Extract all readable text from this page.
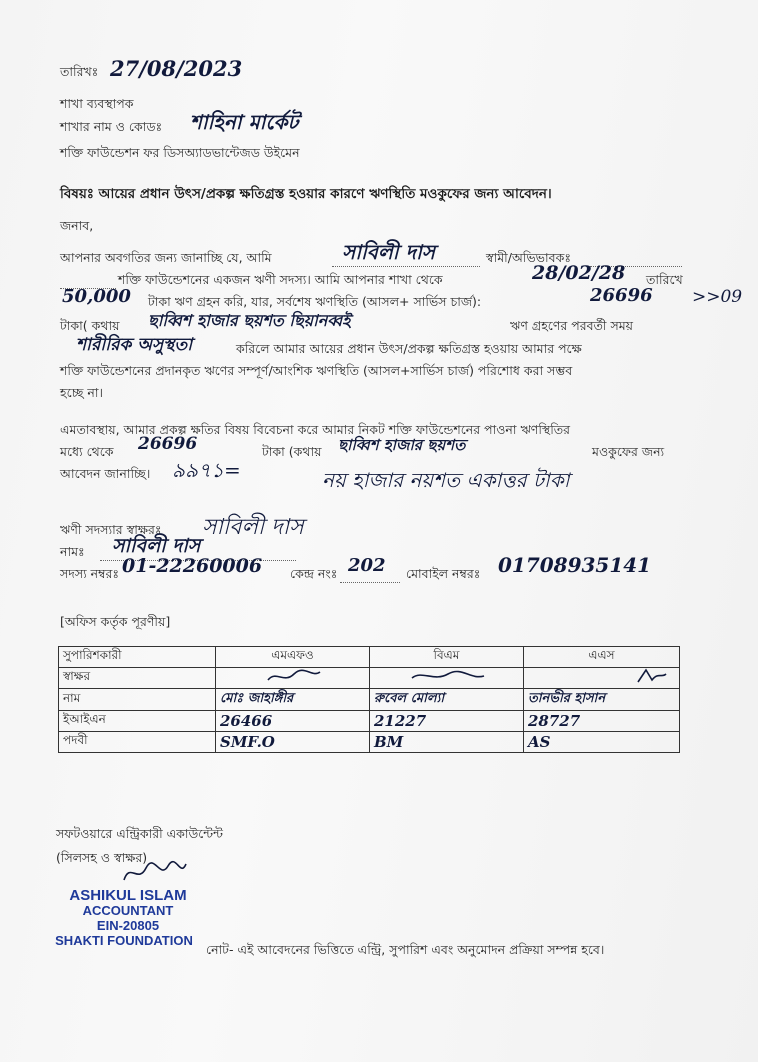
তারিখঃ 27/08/2023
শাখা ব্যবস্থাপক
শাখার নাম ও কোডঃ শাহিনা মার্কেট
শক্তি ফাউন্ডেশন ফর ডিসঅ্যাডভান্টেজড উইমেন
বিষয়ঃ আয়ের প্রধান উৎস/প্রকল্প ক্ষতিগ্রস্ত হওয়ার কারণে ঋণস্থিতি মওকুফের জন্য আবেদন।
জনাব,
আপনার অবগতির জন্য জানাচ্ছি যে, আমি
	সাবিলী দাস	স্বামী/অভিভাবকঃ

শক্তি ফাউন্ডেশনের একজন ঋণী সদস্য। আমি আপনার শাখা থেকে	28/02/28 তারিখে
50,000 টাকা ঋণ গ্রহন করি, যার, সর্বশেষ ঋণস্থিতি (আসল+ সার্ভিস চার্জ):	26696 >>09
টাকা( কথায় ছাব্বিশ হাজার ছয়শত ছিয়ানব্বই	ঋণ গ্রহণের পরবর্তী সময়
শারীরিক অসুস্থতা	করিলে আমার আয়ের প্রধান উৎস/প্রকল্প ক্ষতিগ্রস্ত হওয়ায় আমার পক্ষে
শক্তি ফাউন্ডেশনের প্রদানকৃত ঋণের সম্পূর্ণ/আংশিক ঋণস্থিতি (আসল+সার্ভিস চার্জ) পরিশোধ করা সম্ভব
হচ্ছে না।
এমতাবস্থায়, আমার প্রকল্প ক্ষতির বিষয় বিবেচনা করে আমার নিকট শক্তি ফাউন্ডেশনের পাওনা ঋণস্থিতির
মধ্যে থেকে 26696	টাকা (কথায় ছাব্বিশ হাজার ছয়শত	মওকুফের জন্য
আবেদন জানাচ্ছি। ৯৯৭১=	নয় হাজার নয়শত একাত্তর টাকা
ঋণী সদস্যার স্বাক্ষরঃ সাবিলী দাস
নামঃ
সাবিলী দাস
সদস্য নম্বরঃ 01-22260006 কেন্দ্র নংঃ
202 মোবাইল নম্বরঃ 01708935141
[অফিস কর্তৃক পূরণীয়]
সুপারিশকারী	এমএফও	বিএম	এএস
স্বাক্ষর	

নাম	মোঃ জাহাঙ্গীর	রুবেল মোল্যা	তানভীর হাসান
ইআইএন	26466	21227	28727
পদবী	SMF.O	BM	AS
সফটওয়ারে এন্ট্রিকারী একাউন্টেন্ট
(সিলসহ ও স্বাক্ষর)
ASHIKUL ISLAM
ACCOUNTANT
EIN-20805
SHAKTI FOUNDATION
নোট- এই আবেদনের ভিত্তিতে এন্ট্রি, সুপারিশ এবং অনুমোদন প্রক্রিয়া সম্পন্ন হবে।
